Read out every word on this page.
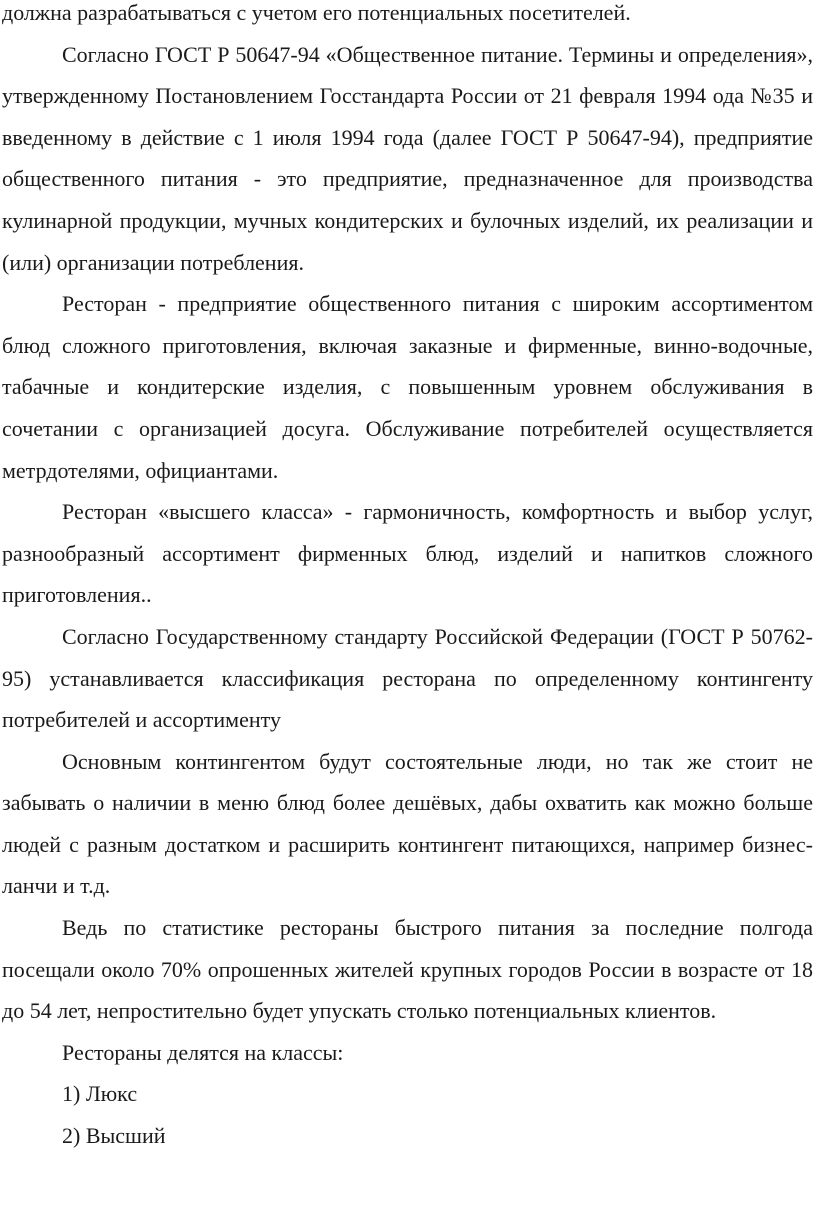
должна разрабатываться с учетом его потенциальных посетителей.

Согласно ГОСТ Р 50647-94 «Общественное питание. Термины и определения», утвержденному Постановлением Госстандарта России от 21 февраля 1994 ода №35 и введенному в действие с 1 июля 1994 года (далее ГОСТ Р 50647-94), предприятие общественного питания - это предприятие, предназначенное для производства кулинарной продукции, мучных кондитерских и булочных изделий, их реализации и (или) организации потребления.

Ресторан - предприятие общественного питания с широким ассортиментом блюд сложного приготовления, включая заказные и фирменные, винно-водочные, табачные и кондитерские изделия, с повышенным уровнем обслуживания в сочетании с организацией досуга. Обслуживание потребителей осуществляется метрдотелями, официантами.

Ресторан «высшего класса» - гармоничность, комфортность и выбор услуг, разнообразный ассортимент фирменных блюд, изделий и напитков сложного приготовления..

Согласно Государственному стандарту Российской Федерации (ГОСТ Р 50762-95) устанавливается классификация ресторана по определенному контингенту потребителей и ассортименту

Основным контингентом будут состоятельные люди, но так же стоит не забывать о наличии в меню блюд более дешёвых, дабы охватить как можно больше людей с разным достатком и расширить контингент питающихся, например бизнес-ланчи и т.д.

Ведь по статистике рестораны быстрого питания за последние полгода посещали около 70% опрошенных жителей крупных городов России в возрасте от 18 до 54 лет, непростительно будет упускать столько потенциальных клиентов.

Рестораны делятся на классы:

1) Люкс

2) Высший
